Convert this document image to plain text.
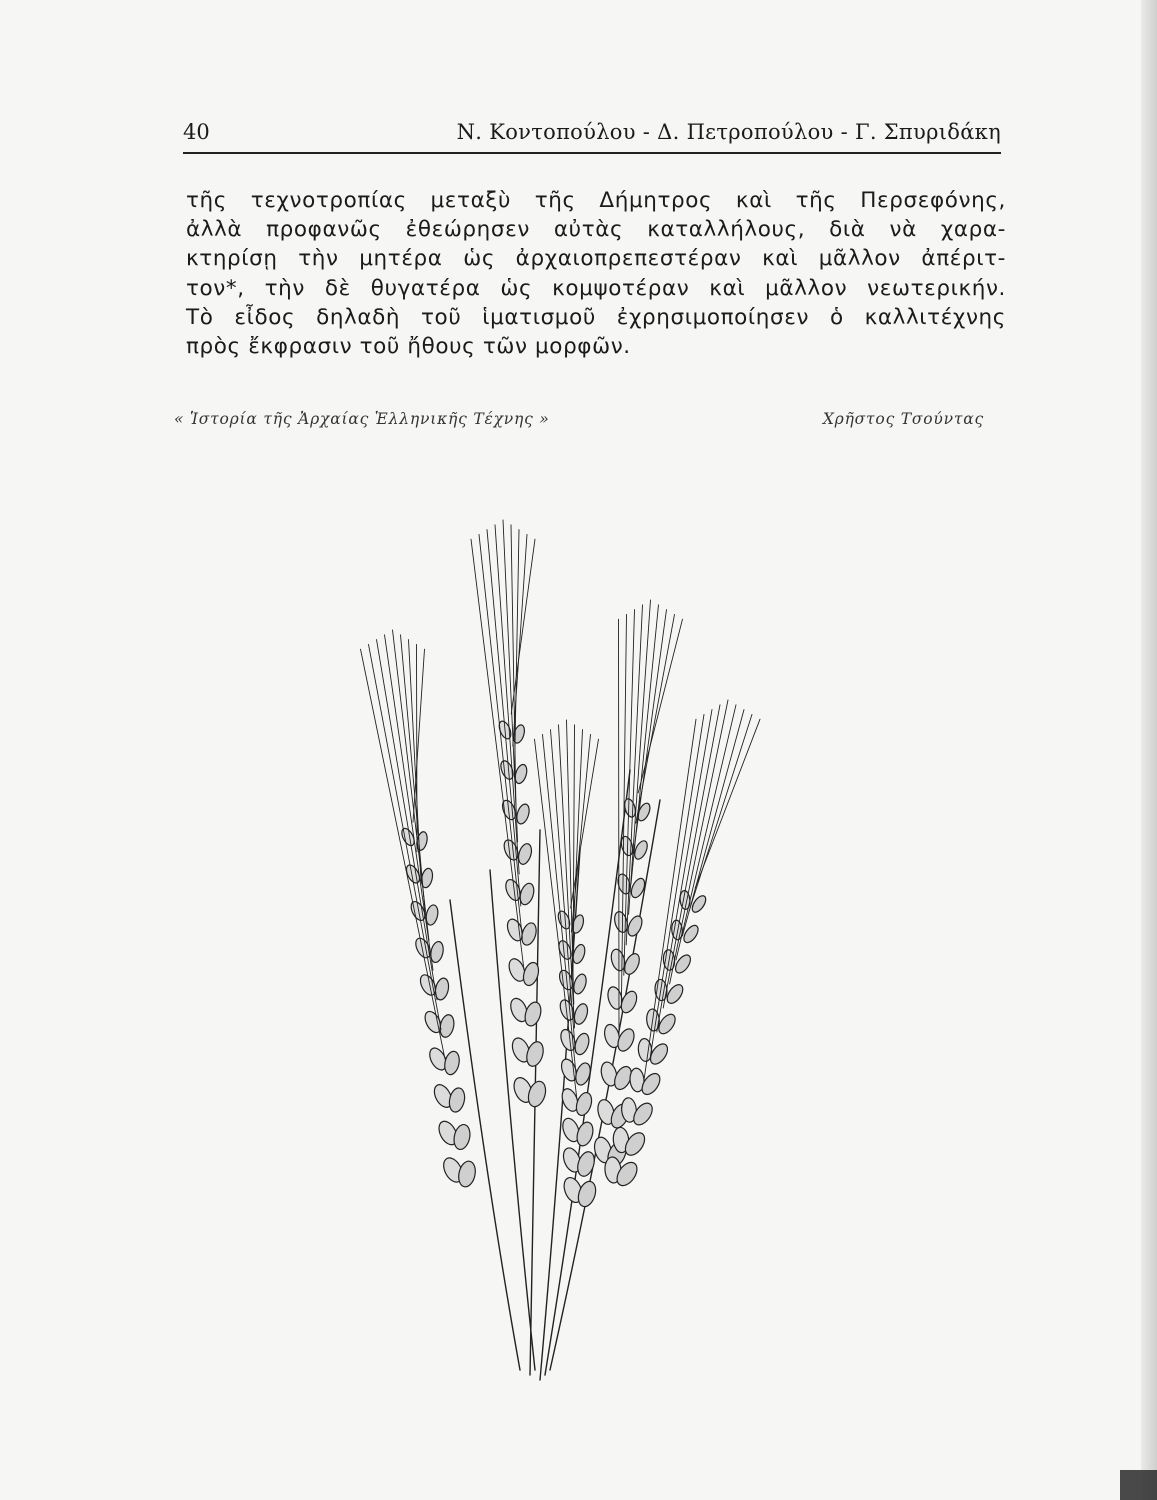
40	Ν. Κοντοπούλου - Δ. Πετροπούλου - Γ. Σπυριδάκη

τῆς τεχνοτροπίας μεταξὺ τῆς Δήμητρος καὶ τῆς Περσεφόνης,
ἀλλὰ προφανῶς ἐθεώρησεν αὐτὰς καταλλήλους, διὰ νὰ χαρα-
κτηρίσῃ τὴν μητέρα ὡς ἀρχαιοπρεπεστέραν καὶ μᾶλλον ἀπέριτ-
τον*, τὴν δὲ θυγατέρα ὡς κομψοτέραν καὶ μᾶλλον νεωτερικήν.
Τὸ εἶδος δηλαδὴ τοῦ ἱματισμοῦ ἐχρησιμοποίησεν ὁ καλλιτέχνης
πρὸς ἔκφρασιν τοῦ ἤθους τῶν μορφῶν.

« Ἱστορία τῆς Ἀρχαίας Ἑλληνικῆς Τέχνης »	Χρῆστος Τσούντας
